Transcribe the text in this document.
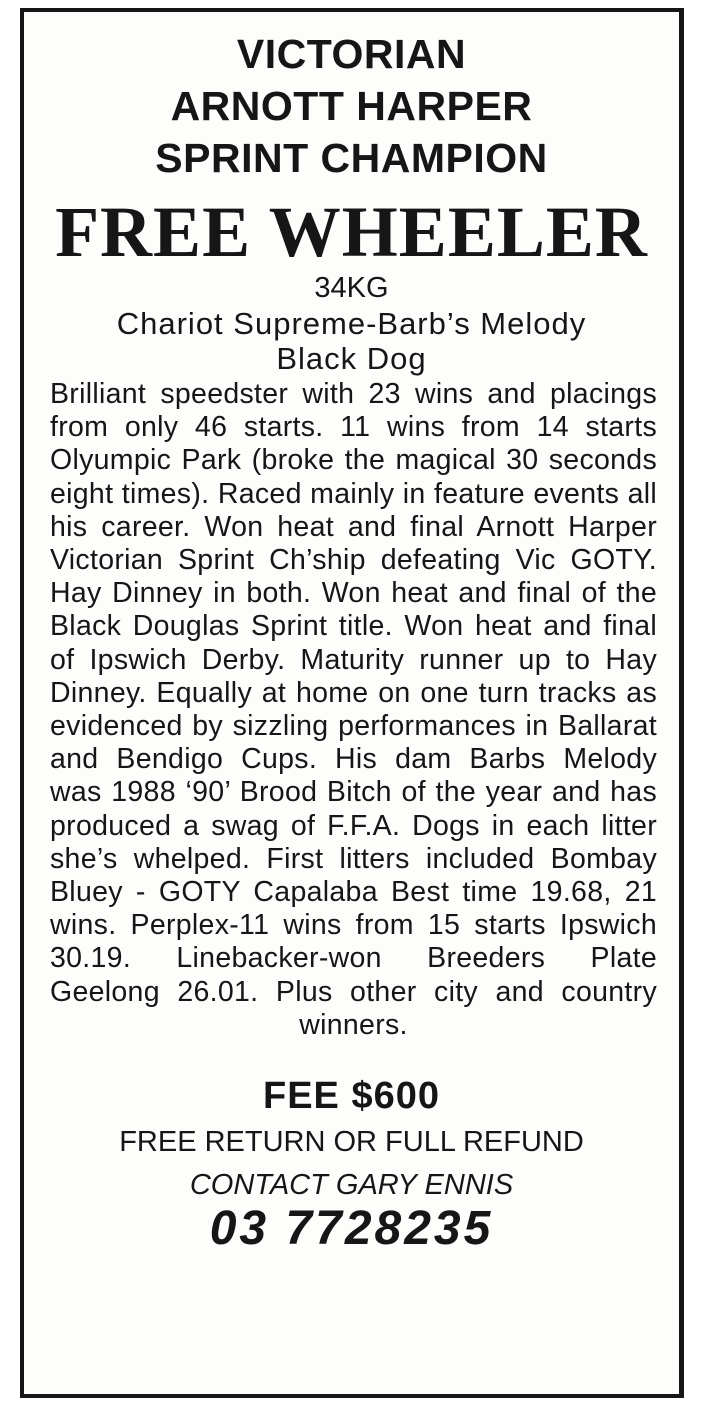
VICTORIAN
ARNOTT HARPER
SPRINT CHAMPION
FREE WHEELER
34KG
Chariot Supreme-Barb’s Melody
Black Dog
Brilliant speedster with 23 wins and placings from only 46 starts. 11 wins from 14 starts Olyumpic Park (broke the magical 30 seconds eight times). Raced mainly in feature events all his career. Won heat and final Arnott Harper Victorian Sprint Ch’ship defeating Vic GOTY. Hay Dinney in both. Won heat and final of the Black Douglas Sprint title. Won heat and final of Ipswich Derby. Maturity runner up to Hay Dinney. Equally at home on one turn tracks as evidenced by sizzling performances in Ballarat and Bendigo Cups. His dam Barbs Melody was 1988 ‘90’ Brood Bitch of the year and has produced a swag of F.F.A. Dogs in each litter she’s whelped. First litters included Bombay Bluey - GOTY Capalaba Best time 19.68, 21 wins. Perplex-11 wins from 15 starts Ipswich 30.19. Linebacker-won Breeders Plate Geelong 26.01. Plus other city and country winners.
FEE $600
FREE RETURN OR FULL REFUND
CONTACT GARY ENNIS
03 7728235
